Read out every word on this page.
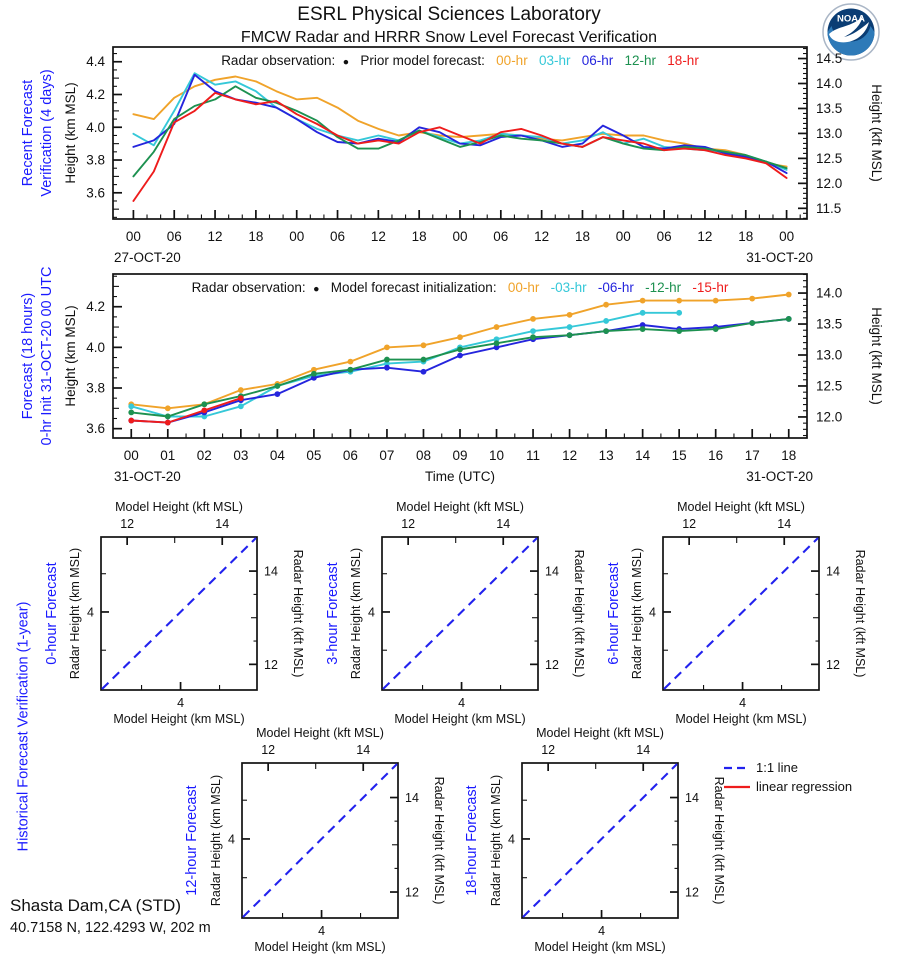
ESRL Physical Sciences Laboratory
FMCW Radar and HRRR Snow Level Forecast Verification
NOAA
Recent Forecast Verification (4 days)
Forecast (18 hours) 0-hr Init 31-OCT-20 00 UTC
Historical Forecast Verification (1-year)
Shasta Dam,CA (STD)
40.7158 N, 122.4293 W, 202 m
00 06 12 18 00 06 12 18 00 06 12 18 00 06 12 18 00
3.6
3.8
4.0
4.2
4.4
11.5
12.0
12.5
13.0
13.5
14.0
14.5
Height (km MSL)	Height (kft MSL)
27-OCT-20	31-OCT-20
Radar observation:  ●   Prior model forecast:   00-hr   03-hr   06-hr   12-hr   18-hr
00 01 02 03 04 05 06 07 08 09 10 11 12 13 14 15 16 17 18
3.6
3.8
4.0
4.2
12.0
12.5
13.0
13.5
14.0
Height (km MSL)	Height (kft MSL)
31-OCT-20	31-OCT-20
Time (UTC)
Radar observation:  ●   Model forecast initialization:   00-hr   -03-hr   -06-hr   -12-hr   -15-hr
4
4
12
12
14
14
Model Height (kft MSL)
Model Height (km MSL)
Radar Height (km MSL)	Radar Height (kft MSL)
0-hour Forecast
4
4
12
12
14
14
Model Height (kft MSL)
Model Height (km MSL)
Radar Height (km MSL)	Radar Height (kft MSL)
3-hour Forecast
4
4
12
12
14
14
Model Height (kft MSL)
Model Height (km MSL)
Radar Height (km MSL)	Radar Height (kft MSL)
6-hour Forecast
4
4
12
12
14
14
Model Height (kft MSL)
Model Height (km MSL)
Radar Height (km MSL)	Radar Height (kft MSL)
12-hour Forecast
4
4
12
12
14
14
Model Height (kft MSL)
Model Height (km MSL)
Radar Height (km MSL)	Radar Height (kft MSL)
18-hour Forecast
1:1 line
linear regression
